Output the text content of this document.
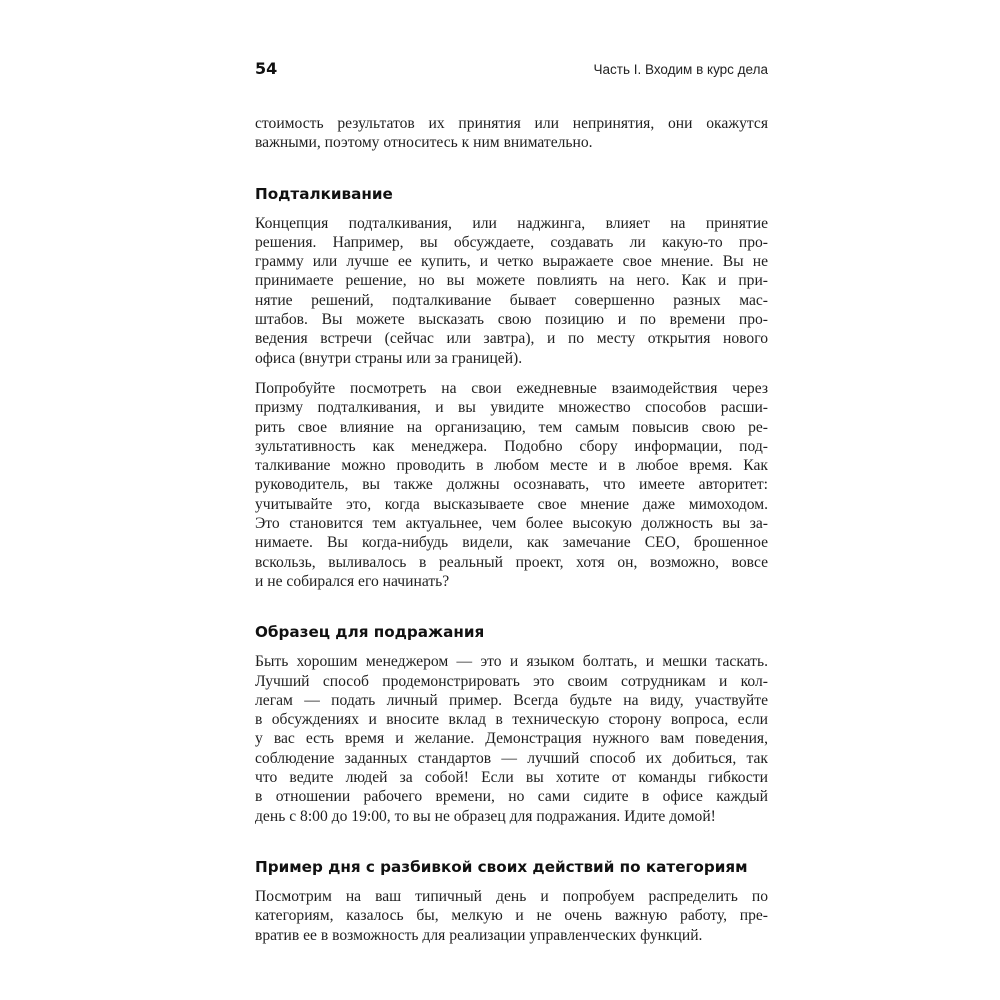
54	Часть I. Входим в курс дела

стоимость результатов их принятия или непринятия, они окажутся
важными, поэтому относитесь к ним внимательно.

Подталкивание

Концепция подталкивания, или наджинга, влияет на принятие
решения. Например, вы обсуждаете, создавать ли какую-то про-
грамму или лучше ее купить, и четко выражаете свое мнение. Вы не
принимаете решение, но вы можете повлиять на него. Как и при-
нятие решений, подталкивание бывает совершенно разных мас-
штабов. Вы можете высказать свою позицию и по времени про-
ведения встречи (сейчас или завтра), и по месту открытия нового
офиса (внутри страны или за границей).

Попробуйте посмотреть на свои ежедневные взаимодействия через
призму подталкивания, и вы увидите множество способов расши-
рить свое влияние на организацию, тем самым повысив свою ре-
зультативность как менеджера. Подобно сбору информации, под-
талкивание можно проводить в любом месте и в любое время. Как
руководитель, вы также должны осознавать, что имеете авторитет:
учитывайте это, когда высказываете свое мнение даже мимоходом.
Это становится тем актуальнее, чем более высокую должность вы за-
нимаете. Вы когда-нибудь видели, как замечание CEO, брошенное
вскользь, выливалось в реальный проект, хотя он, возможно, вовсе
и не собирался его начинать?

Образец для подражания

Быть хорошим менеджером — это и языком болтать, и мешки таскать.
Лучший способ продемонстрировать это своим сотрудникам и кол-
легам — подать личный пример. Всегда будьте на виду, участвуйте
в обсуждениях и вносите вклад в техническую сторону вопроса, если
у вас есть время и желание. Демонстрация нужного вам поведения,
соблюдение заданных стандартов — лучший способ их добиться, так
что ведите людей за собой! Если вы хотите от команды гибкости
в отношении рабочего времени, но сами сидите в офисе каждый
день с 8:00 до 19:00, то вы не образец для подражания. Идите домой!

Пример дня с разбивкой своих действий по категориям

Посмотрим на ваш типичный день и попробуем распределить по
категориям, казалось бы, мелкую и не очень важную работу, пре-
вратив ее в возможность для реализации управленческих функций.
